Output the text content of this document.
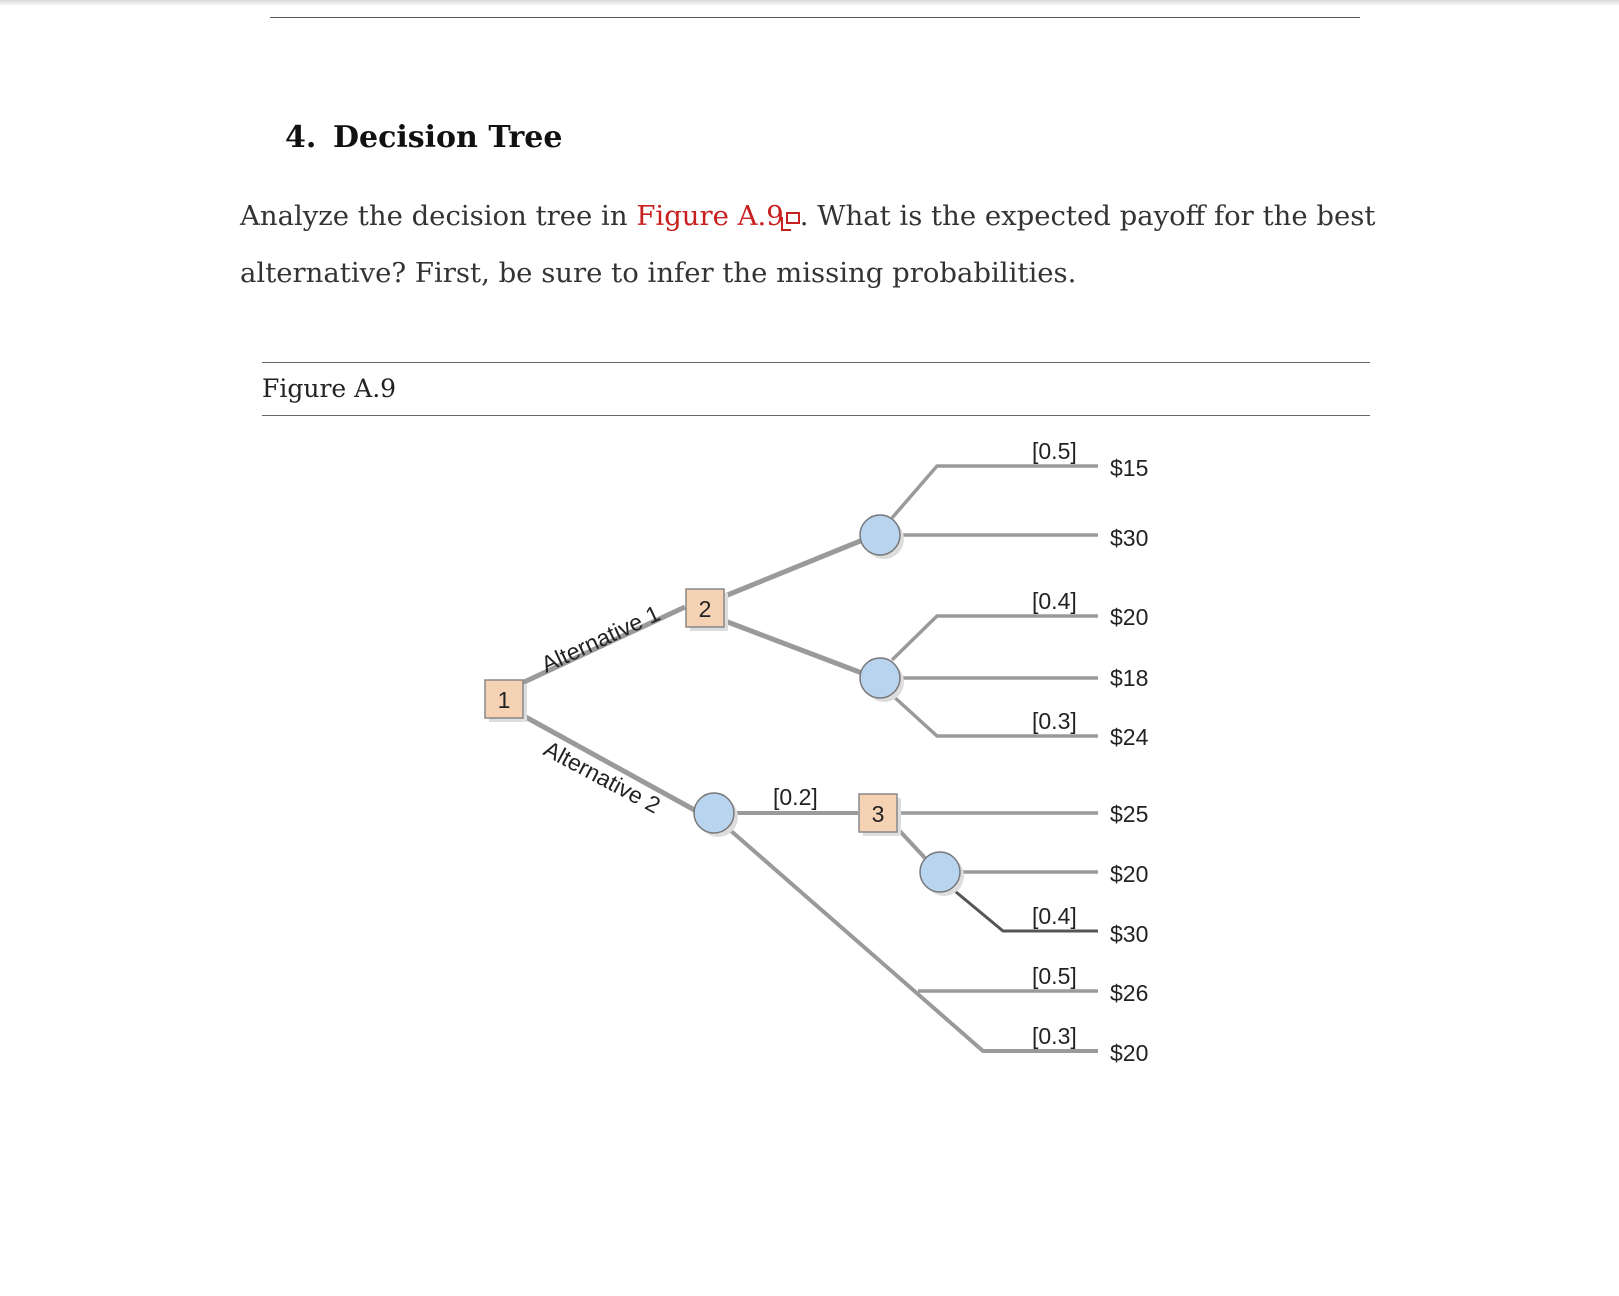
4. Decision Tree
Analyze the decision tree in Figure A.9 . What is the expected payoff for the best alternative? First, be sure to infer the missing probabilities.
Figure A.9
1
2
3
Alternative 1
Alternative 2
[0.5]
[0.4]
[0.3]
[0.2]
[0.4]
[0.5]
[0.3]
$15
$30
$20
$18
$24
$25
$20
$30
$26
$20
